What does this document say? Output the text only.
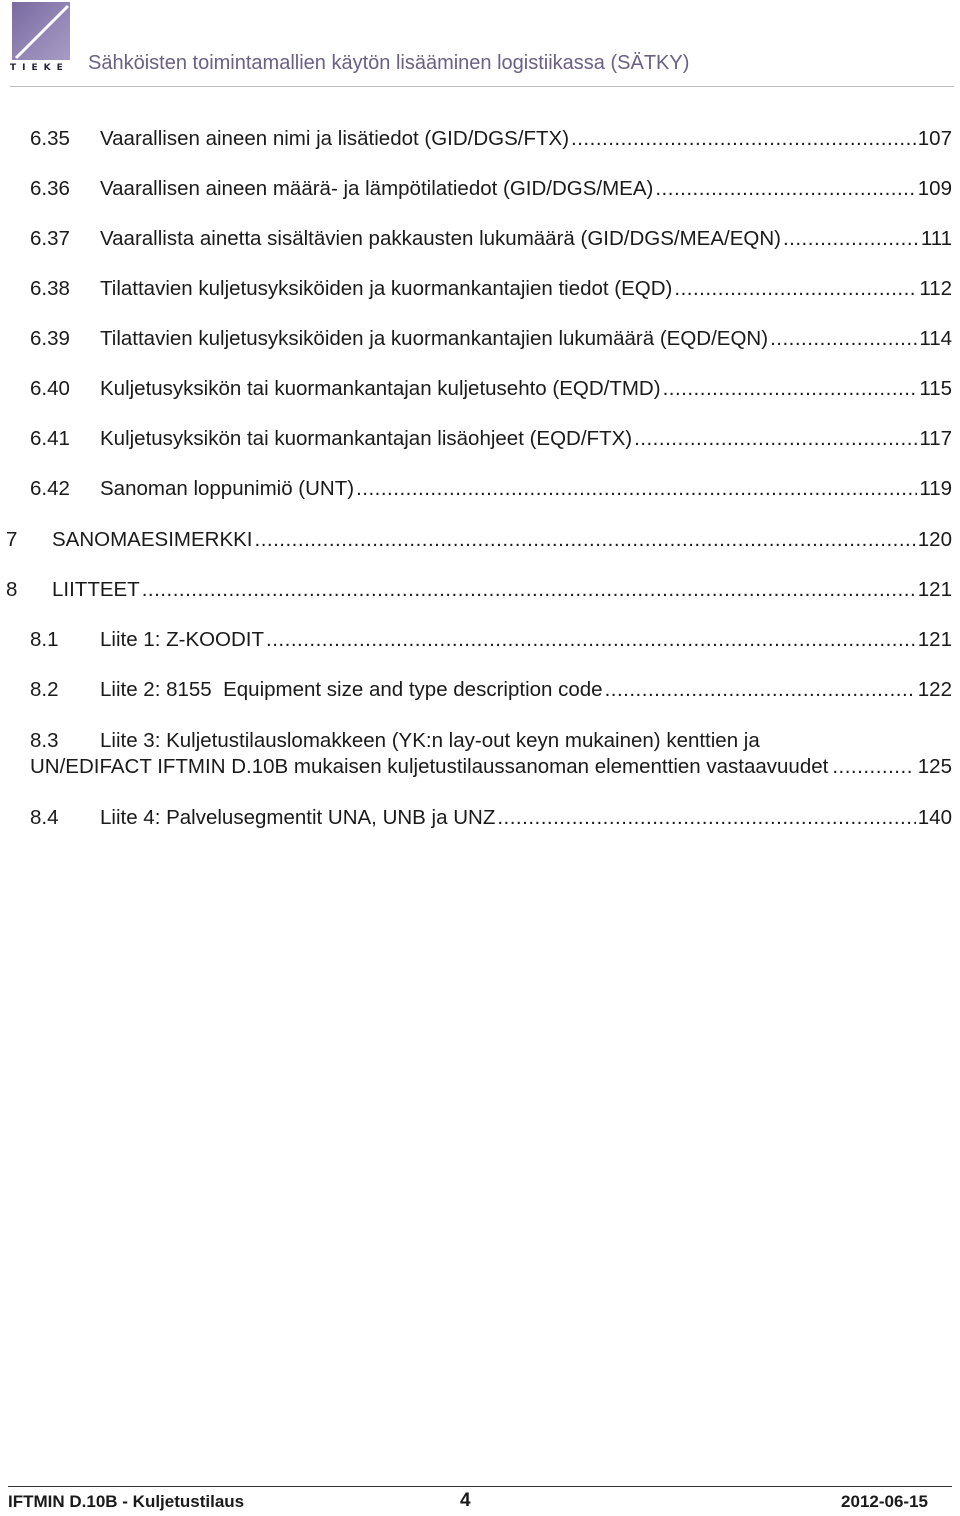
TIEKE Sähköisten toimintamallien käytön lisääminen logistiikassa (SÄTKY)
6.35	Vaarallisen aineen nimi ja lisätiedot (GID/DGS/FTX) .....	107
6.36	Vaarallisen aineen määrä- ja lämpötilatiedot (GID/DGS/MEA) .....	109
6.37	Vaarallista ainetta sisältävien pakkausten lukumäärä (GID/DGS/MEA/EQN) .....	111
6.38	Tilattavien kuljetusyksiköiden ja kuormankantajien tiedot (EQD) .....	112
6.39	Tilattavien kuljetusyksiköiden ja kuormankantajien lukumäärä (EQD/EQN) .....	114
6.40	Kuljetusyksikön tai kuormankantajan kuljetusehto (EQD/TMD) .....	115
6.41	Kuljetusyksikön tai kuormankantajan lisäohjeet (EQD/FTX) .....	117
6.42	Sanoman loppunimiö (UNT) .....	119
7	SANOMAESIMERKKI .....	120
8	LIITTEET .....	121
8.1	Liite 1: Z-KOODIT .....	121
8.2	Liite 2: 8155  Equipment size and type description code .....	122
8.3 Liite 3: Kuljetustilauslomakkeen (YK:n lay-out keyn mukainen) kenttien ja
UN/EDIFACT IFTMIN D.10B mukaisen kuljetustilaussanoman elementtien vastaavuudet .....	125
8.4	Liite 4: Palvelusegmentit UNA, UNB ja UNZ .....	140
IFTMIN D.10B - Kuljetustilaus	4	2012-06-15
